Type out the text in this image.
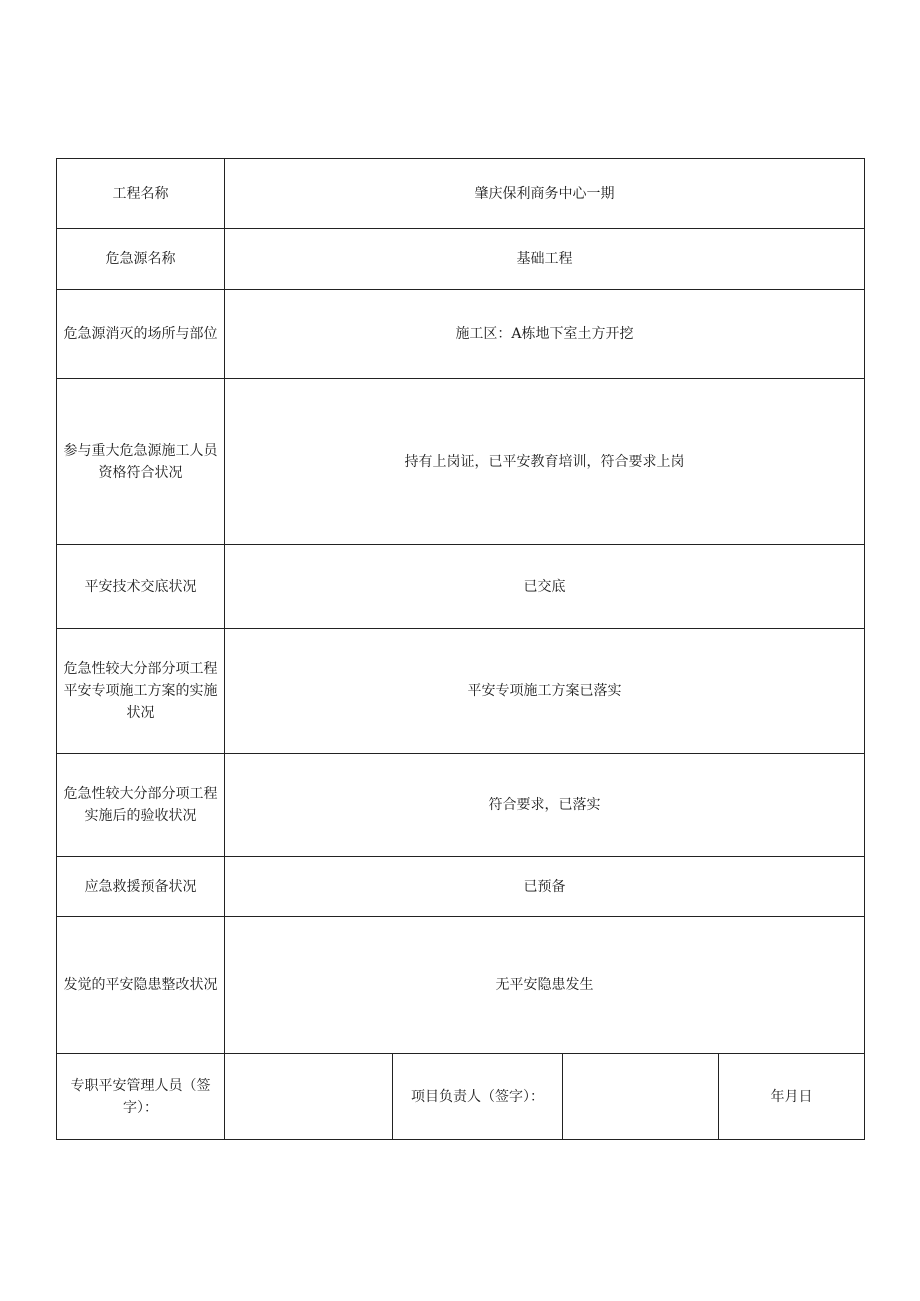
工程名称	肇庆保利商务中心一期			
危急源名称	基础工程			
危急源消灭的场所与部位	施工区：A栋地下室土方开挖			
参与重大危急源施工人员资格符合状况	持有上岗证，已平安教育培训，符合要求上岗			
平安技术交底状况	已交底			
危急性较大分部分项工程平安专项施工方案的实施状况	平安专项施工方案已落实			
危急性较大分部分项工程实施后的验收状况	符合要求，已落实			
应急救援预备状况	已预备			
发觉的平安隐患整改状况	无平安隐患发生			
专职平安管理人员（签字）：		项目负责人（签字）：		年月日
